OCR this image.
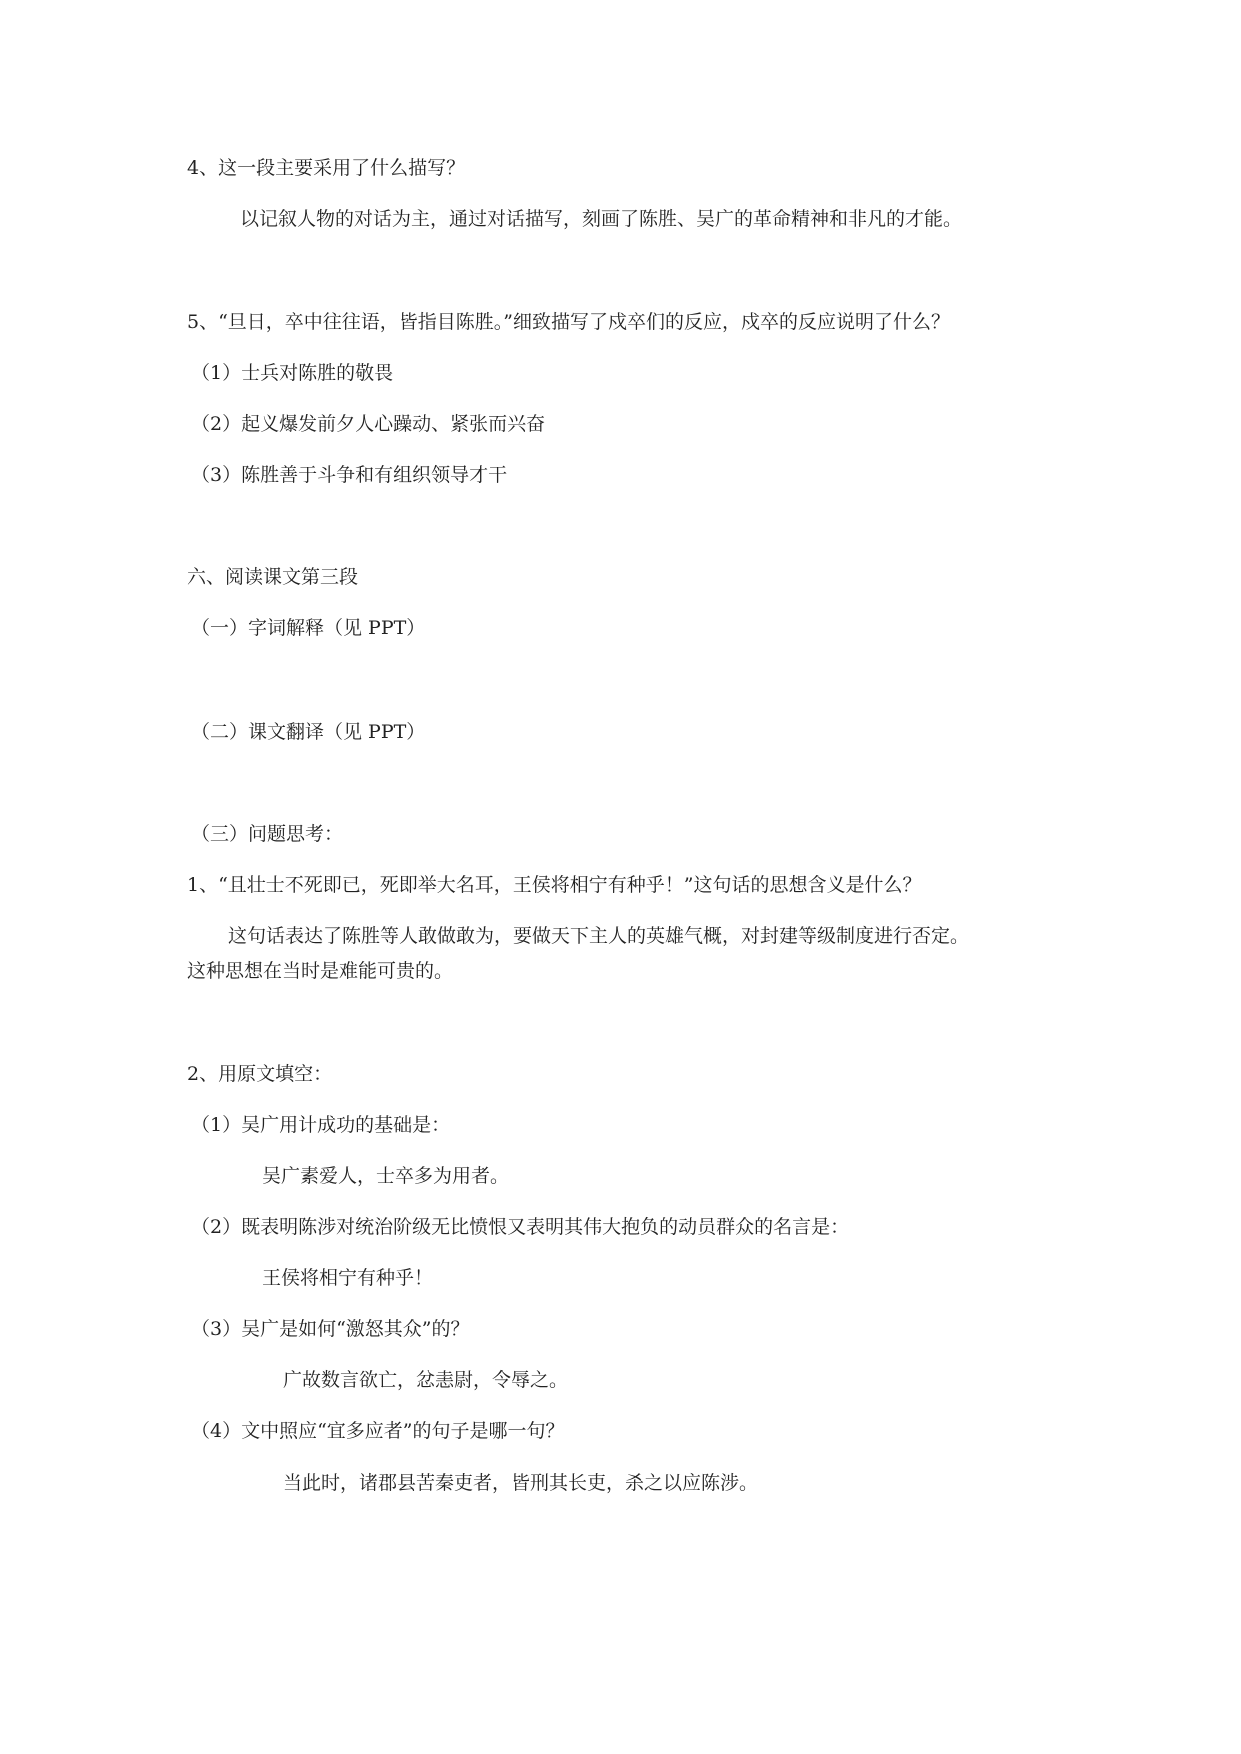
4、这一段主要采用了什么描写？
以记叙人物的对话为主，通过对话描写，刻画了陈胜、吴广的革命精神和非凡的才能。
5、“旦日，卒中往往语，皆指目陈胜。”细致描写了戍卒们的反应，戍卒的反应说明了什么？
（1）士兵对陈胜的敬畏
（2）起义爆发前夕人心躁动、紧张而兴奋
（3）陈胜善于斗争和有组织领导才干
六、阅读课文第三段
（一）字词解释（见 PPT）
（二）课文翻译（见 PPT）
（三）问题思考：
1、“且壮士不死即已，死即举大名耳，王侯将相宁有种乎！”这句话的思想含义是什么？
这句话表达了陈胜等人敢做敢为，要做天下主人的英雄气概，对封建等级制度进行否定。
这种思想在当时是难能可贵的。
2、用原文填空：
（1）吴广用计成功的基础是：
吴广素爱人，士卒多为用者。
（2）既表明陈涉对统治阶级无比愤恨又表明其伟大抱负的动员群众的名言是：
王侯将相宁有种乎！
（3）吴广是如何“激怒其众”的？
广故数言欲亡，忿恚尉，令辱之。
（4）文中照应“宜多应者”的句子是哪一句？
当此时，诸郡县苦秦吏者，皆刑其长吏，杀之以应陈涉。
